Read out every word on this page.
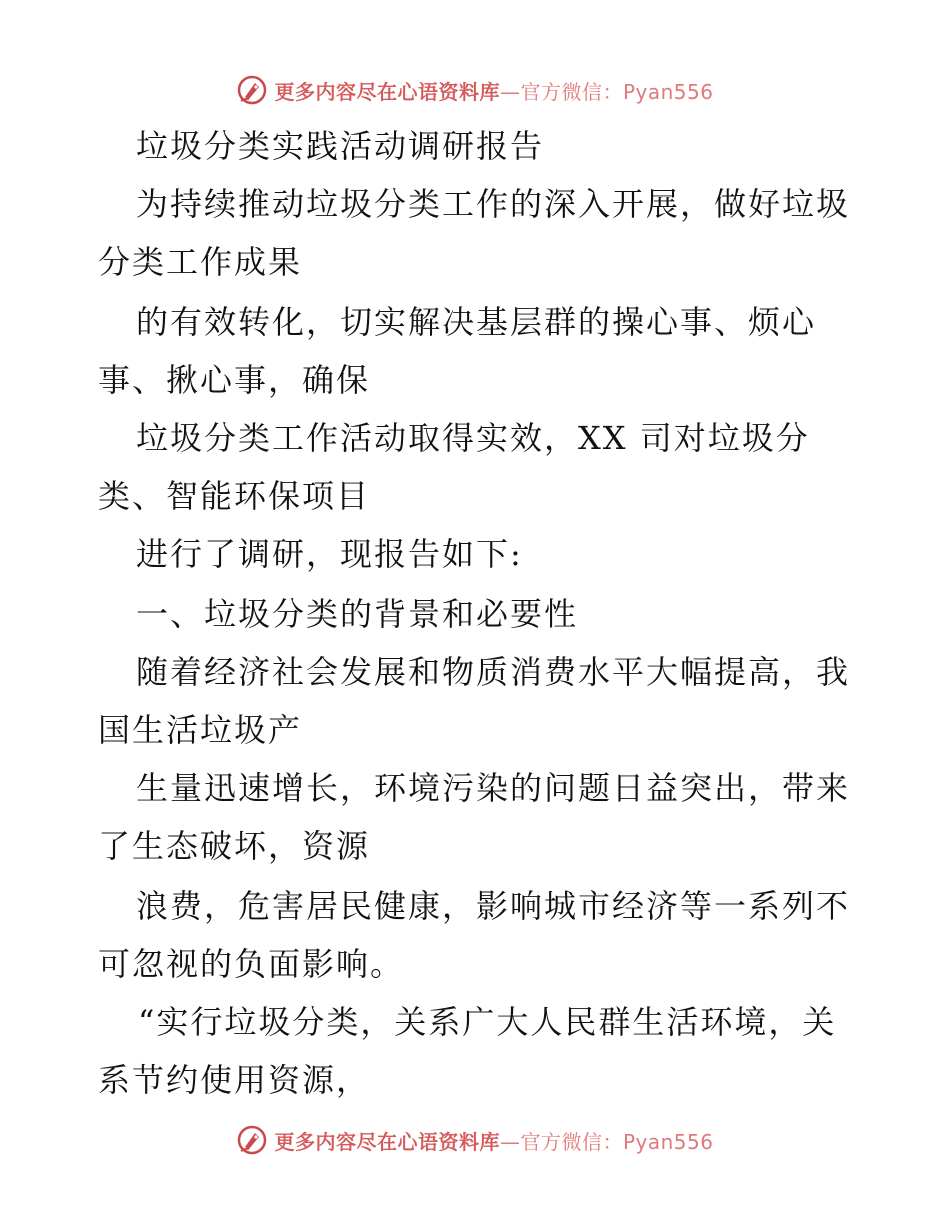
更多内容尽在心语资料库—官方微信：Pyan556
垃圾分类实践活动调研报告
为持续推动垃圾分类工作的深入开展，做好垃圾
分类工作成果
的有效转化，切实解决基层群的操心事、烦心
事、揪心事，确保
垃圾分类工作活动取得实效，XX 司对垃圾分
类、智能环保项目
进行了调研，现报告如下:
一、垃圾分类的背景和必要性
随着经济社会发展和物质消费水平大幅提高，我
国生活垃圾产
生量迅速增长，环境污染的问题日益突出，带来
了生态破坏，资源
浪费，危害居民健康，影响城市经济等一系列不
可忽视的负面影响。
“实行垃圾分类，关系广大人民群生活环境，关
系节约使用资源，
更多内容尽在心语资料库—官方微信：Pyan556
